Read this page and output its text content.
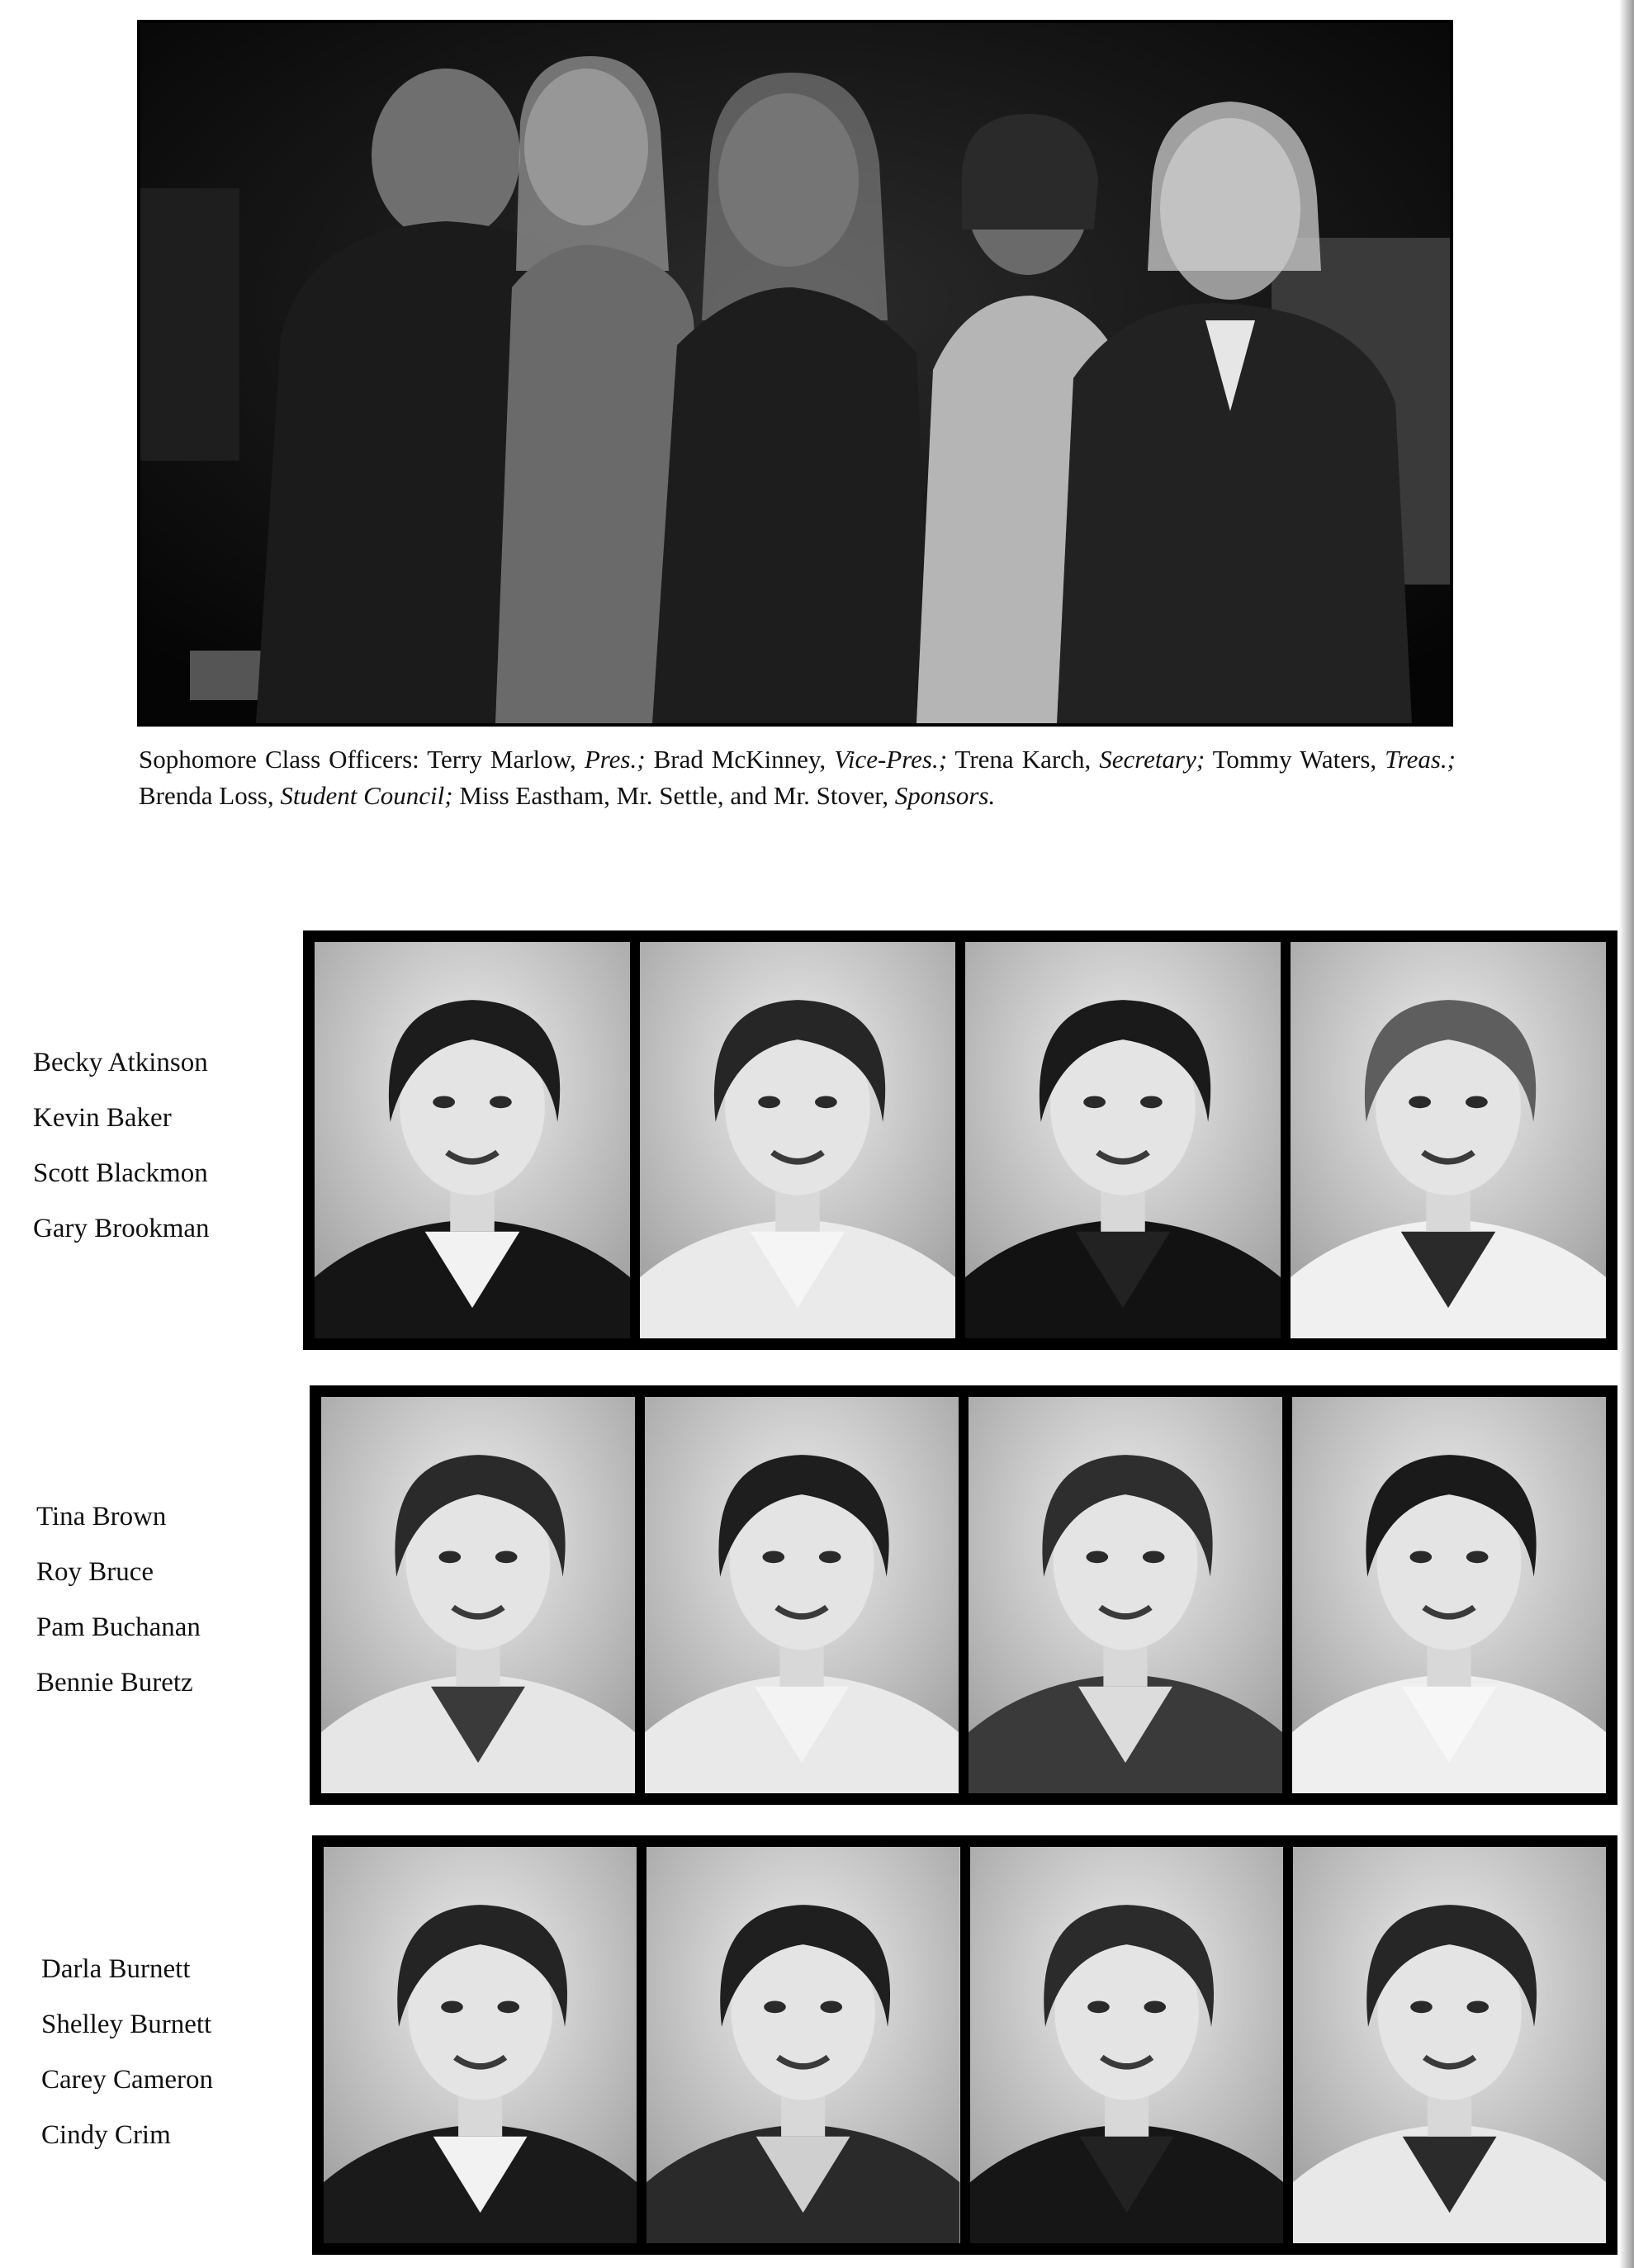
Sophomore Class Officers: Terry Marlow, Pres.; Brad McKinney, Vice-Pres.; Trena Karch, Secretary; Tommy Waters, Treas.; Brenda Loss, Student Council; Miss Eastham, Mr. Settle, and Mr. Stover, Sponsors.

Becky Atkinson
Kevin Baker
Scott Blackmon
Gary Brookman
Tina Brown
Roy Bruce
Pam Buchanan
Bennie Buretz
Darla Burnett
Shelley Burnett
Carey Cameron
Cindy Crim
